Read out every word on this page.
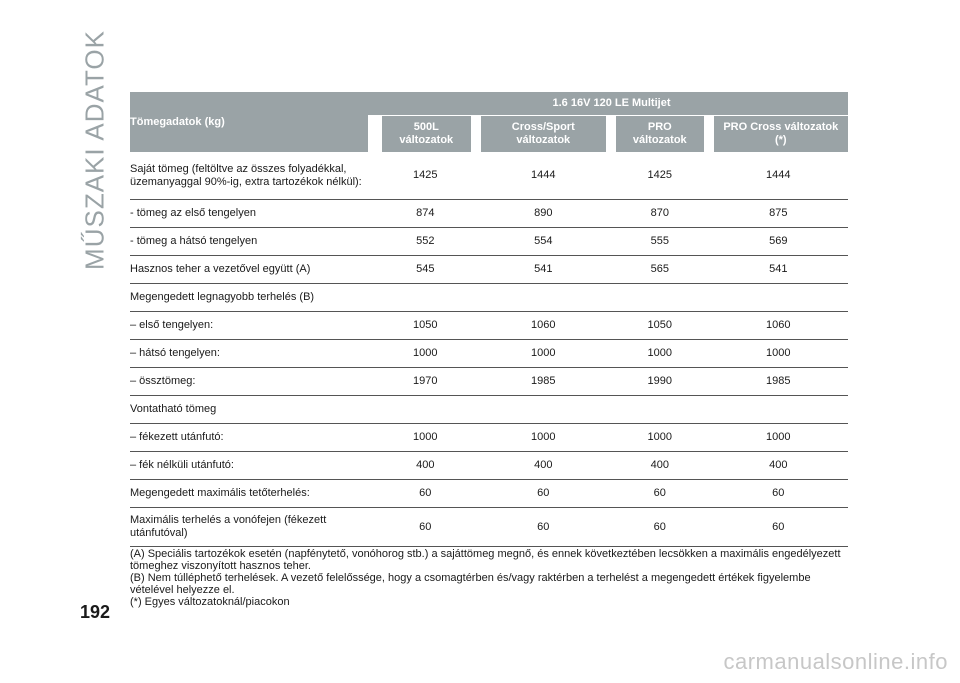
MŰSZAKI ADATOK Tömegadatok (kg)	1.6 16V 120 LE Multijet			
	500L változatok	Cross/Sport változatok	PRO változatok	PRO Cross változatok (*)
Saját tömeg (feltöltve az összes folyadékkal, üzemanyaggal 90%-ig, extra tartozékok nélkül):	1425	1444	1425	1444
- tömeg az első tengelyen	874	890	870	875
- tömeg a hátsó tengelyen	552	554	555	569
Hasznos teher a vezetővel együtt (A)	545	541	565	541
Megengedett legnagyobb terhelés (B)				
– első tengelyen:	1050	1060	1050	1060
– hátsó tengelyen:	1000	1000	1000	1000
– össztömeg:	1970	1985	1990	1985
Vontatható tömeg				
– fékezett utánfutó:	1000	1000	1000	1000
– fék nélküli utánfutó:	400	400	400	400
Megengedett maximális tetőterhelés:	60	60	60	60
Maximális terhelés a vonófejen (fékezett utánfutóval)	60	60	60	60
(A) Speciális tartozékok esetén (napfénytető, vonóhorog stb.) a sajáttömeg megnő, és ennek következtében lecsökken a maximális engedélyezett tömeghez viszonyított hasznos teher.
(B) Nem túlléphető terhelések. A vezető felelőssége, hogy a csomagtérben és/vagy raktérben a terhelést a megengedett értékek figyelembe vételével helyezze el.
(*) Egyes változatoknál/piacokon
192
carmanualsonline.info
